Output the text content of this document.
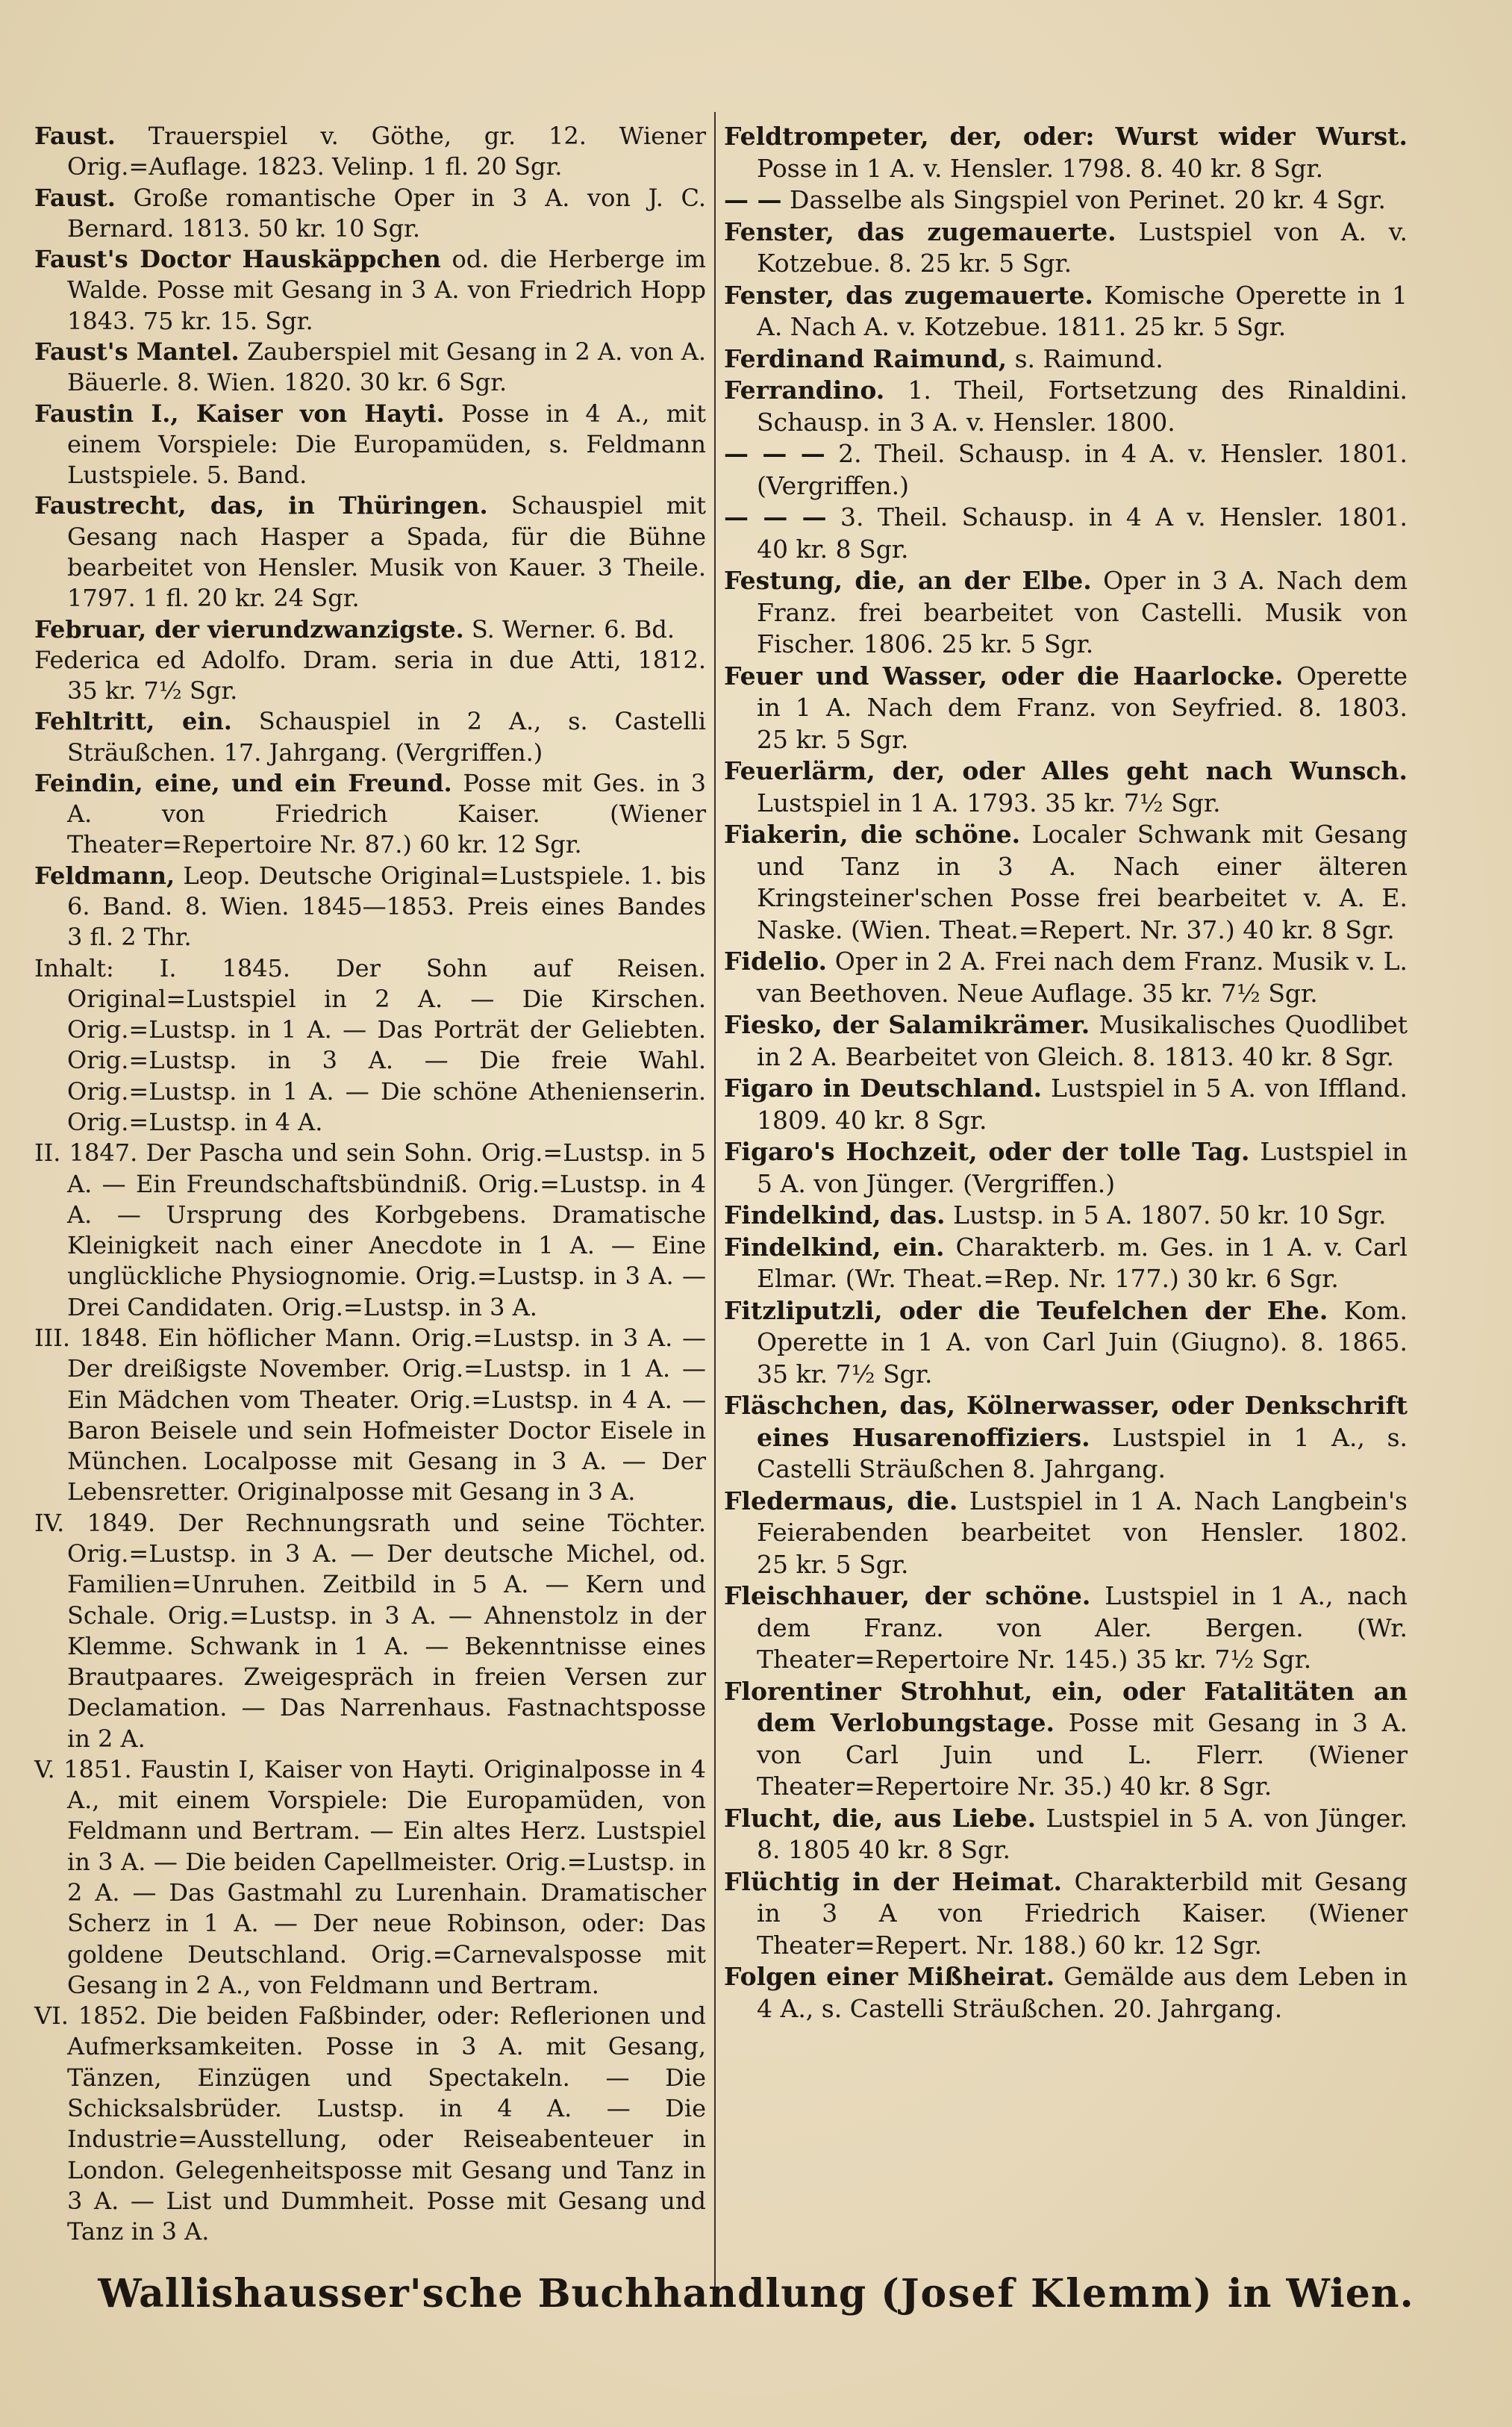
Faust. Trauerspiel v. Göthe, gr. 12. Wiener Orig.=Auflage. 1823. Velinp. 1 fl. 20 Sgr.
Faust. Große romantische Oper in 3 A. von J. C. Bernard. 1813. 50 kr. 10 Sgr.
Faust's Doctor Hauskäppchen od. die Herberge im Walde. Posse mit Gesang in 3 A. von Friedrich Hopp 1843. 75 kr. 15. Sgr.
Faust's Mantel. Zauberspiel mit Gesang in 2 A. von A. Bäuerle. 8. Wien. 1820. 30 kr. 6 Sgr.
Faustin I., Kaiser von Hayti. Posse in 4 A., mit einem Vorspiele: Die Europamüden, s. Feldmann Lustspiele. 5. Band.
Faustrecht, das, in Thüringen. Schauspiel mit Gesang nach Hasper a Spada, für die Bühne bearbeitet von Hensler. Musik von Kauer. 3 Theile. 1797. 1 fl. 20 kr. 24 Sgr.
Februar, der vierundzwanzigste. S. Werner. 6. Bd.
Federica ed Adolfo. Dram. seria in due Atti, 1812. 35 kr. 7½ Sgr.
Fehltritt, ein. Schauspiel in 2 A., s. Castelli Sträußchen. 17. Jahrgang. (Vergriffen.)
Feindin, eine, und ein Freund. Posse mit Ges. in 3 A. von Friedrich Kaiser. (Wiener Theater=Repertoire Nr. 87.) 60 kr. 12 Sgr.
Feldmann, Leop. Deutsche Original=Lustspiele. 1. bis 6. Band. 8. Wien. 1845—1853. Preis eines Bandes 3 fl. 2 Thr.
Inhalt: I. 1845. Der Sohn auf Reisen. Original=Lustspiel in 2 A. — Die Kirschen. Orig.=Lustsp. in 1 A. — Das Porträt der Geliebten. Orig.=Lustsp. in 3 A. — Die freie Wahl. Orig.=Lustsp. in 1 A. — Die schöne Athenienserin. Orig.=Lustsp. in 4 A.
II. 1847. Der Pascha und sein Sohn. Orig.=Lustsp. in 5 A. — Ein Freundschaftsbündniß. Orig.=Lustsp. in 4 A. — Ursprung des Korbgebens. Dramatische Kleinigkeit nach einer Anecdote in 1 A. — Eine unglückliche Physiognomie. Orig.=Lustsp. in 3 A. — Drei Candidaten. Orig.=Lustsp. in 3 A.
III. 1848. Ein höflicher Mann. Orig.=Lustsp. in 3 A. — Der dreißigste November. Orig.=Lustsp. in 1 A. — Ein Mädchen vom Theater. Orig.=Lustsp. in 4 A. — Baron Beisele und sein Hofmeister Doctor Eisele in München. Localposse mit Gesang in 3 A. — Der Lebensretter. Originalposse mit Gesang in 3 A.
IV. 1849. Der Rechnungsrath und seine Töchter. Orig.=Lustsp. in 3 A. — Der deutsche Michel, od. Familien=Unruhen. Zeitbild in 5 A. — Kern und Schale. Orig.=Lustsp. in 3 A. — Ahnenstolz in der Klemme. Schwank in 1 A. — Bekenntnisse eines Brautpaares. Zweigespräch in freien Versen zur Declamation. — Das Narrenhaus. Fastnachtsposse in 2 A.
V. 1851. Faustin I, Kaiser von Hayti. Originalposse in 4 A., mit einem Vorspiele: Die Europamüden, von Feldmann und Bertram. — Ein altes Herz. Lustspiel in 3 A. — Die beiden Capellmeister. Orig.=Lustsp. in 2 A. — Das Gastmahl zu Lurenhain. Dramatischer Scherz in 1 A. — Der neue Robinson, oder: Das goldene Deutschland. Orig.=Carnevalsposse mit Gesang in 2 A., von Feldmann und Bertram.
VI. 1852. Die beiden Faßbinder, oder: Reflerionen und Aufmerksamkeiten. Posse in 3 A. mit Gesang, Tänzen, Einzügen und Spectakeln. — Die Schicksalsbrüder. Lustsp. in 4 A. — Die Industrie=Ausstellung, oder Reiseabenteuer in London. Gelegenheitsposse mit Gesang und Tanz in 3 A. — List und Dummheit. Posse mit Gesang und Tanz in 3 A.
Feldtrompeter, der, oder: Wurst wider Wurst. Posse in 1 A. v. Hensler. 1798. 8. 40 kr. 8 Sgr.
— — Dasselbe als Singspiel von Perinet. 20 kr. 4 Sgr.
Fenster, das zugemauerte. Lustspiel von A. v. Kotzebue. 8. 25 kr. 5 Sgr.
Fenster, das zugemauerte. Komische Operette in 1 A. Nach A. v. Kotzebue. 1811. 25 kr. 5 Sgr.
Ferdinand Raimund, s. Raimund.
Ferrandino. 1. Theil, Fortsetzung des Rinaldini. Schausp. in 3 A. v. Hensler. 1800.
— — — 2. Theil. Schausp. in 4 A. v. Hensler. 1801. (Vergriffen.)
— — — 3. Theil. Schausp. in 4 A v. Hensler. 1801. 40 kr. 8 Sgr.
Festung, die, an der Elbe. Oper in 3 A. Nach dem Franz. frei bearbeitet von Castelli. Musik von Fischer. 1806. 25 kr. 5 Sgr.
Feuer und Wasser, oder die Haarlocke. Operette in 1 A. Nach dem Franz. von Seyfried. 8. 1803. 25 kr. 5 Sgr.
Feuerlärm, der, oder Alles geht nach Wunsch. Lustspiel in 1 A. 1793. 35 kr. 7½ Sgr.
Fiakerin, die schöne. Localer Schwank mit Gesang und Tanz in 3 A. Nach einer älteren Kringsteiner'schen Posse frei bearbeitet v. A. E. Naske. (Wien. Theat.=Repert. Nr. 37.) 40 kr. 8 Sgr.
Fidelio. Oper in 2 A. Frei nach dem Franz. Musik v. L. van Beethoven. Neue Auflage. 35 kr. 7½ Sgr.
Fiesko, der Salamikrämer. Musikalisches Quodlibet in 2 A. Bearbeitet von Gleich. 8. 1813. 40 kr. 8 Sgr.
Figaro in Deutschland. Lustspiel in 5 A. von Iffland. 1809. 40 kr. 8 Sgr.
Figaro's Hochzeit, oder der tolle Tag. Lustspiel in 5 A. von Jünger. (Vergriffen.)
Findelkind, das. Lustsp. in 5 A. 1807. 50 kr. 10 Sgr.
Findelkind, ein. Charakterb. m. Ges. in 1 A. v. Carl Elmar. (Wr. Theat.=Rep. Nr. 177.) 30 kr. 6 Sgr.
Fitzliputzli, oder die Teufelchen der Ehe. Kom. Operette in 1 A. von Carl Juin (Giugno). 8. 1865. 35 kr. 7½ Sgr.
Fläschchen, das, Kölnerwasser, oder Denkschrift eines Husarenoffiziers. Lustspiel in 1 A., s. Castelli Sträußchen 8. Jahrgang.
Fledermaus, die. Lustspiel in 1 A. Nach Langbein's Feierabenden bearbeitet von Hensler. 1802. 25 kr. 5 Sgr.
Fleischhauer, der schöne. Lustspiel in 1 A., nach dem Franz. von Aler. Bergen. (Wr. Theater=Repertoire Nr. 145.) 35 kr. 7½ Sgr.
Florentiner Strohhut, ein, oder Fatalitäten an dem Verlobungstage. Posse mit Gesang in 3 A. von Carl Juin und L. Flerr. (Wiener Theater=Repertoire Nr. 35.) 40 kr. 8 Sgr.
Flucht, die, aus Liebe. Lustspiel in 5 A. von Jünger. 8. 1805 40 kr. 8 Sgr.
Flüchtig in der Heimat. Charakterbild mit Gesang in 3 A von Friedrich Kaiser. (Wiener Theater=Repert. Nr. 188.) 60 kr. 12 Sgr.
Folgen einer Mißheirat. Gemälde aus dem Leben in 4 A., s. Castelli Sträußchen. 20. Jahrgang.
Wallishausser'sche Buchhandlung (Josef Klemm) in Wien.
